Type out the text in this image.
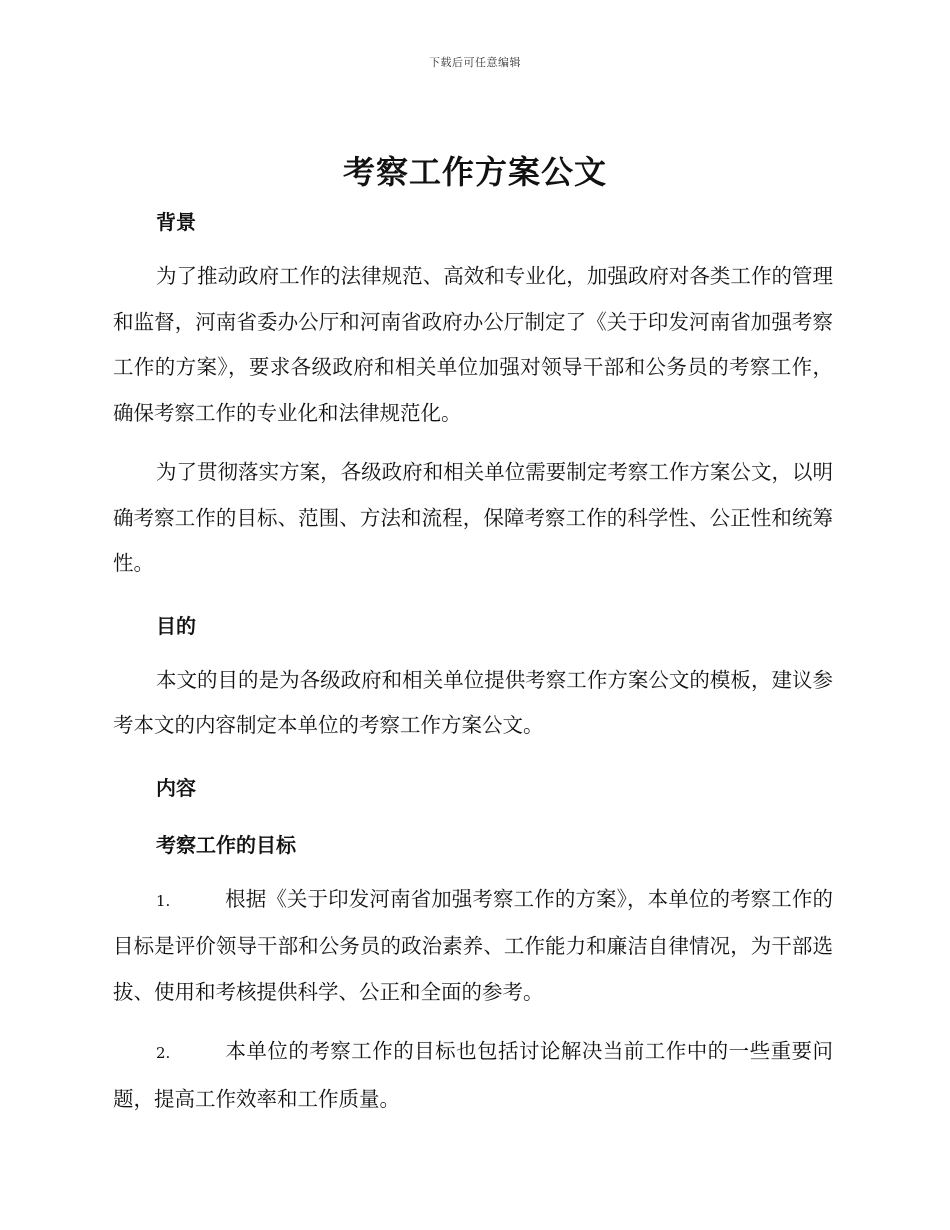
下载后可任意编辑
考察工作方案公文

背景

为了推动政府工作的法律规范、高效和专业化，加强政府对各类工作的管理和监督，河南省委办公厅和河南省政府办公厅制定了《关于印发河南省加强考察工作的方案》，要求各级政府和相关单位加强对领导干部和公务员的考察工作，确保考察工作的专业化和法律规范化。

为了贯彻落实方案，各级政府和相关单位需要制定考察工作方案公文，以明确考察工作的目标、范围、方法和流程，保障考察工作的科学性、公正性和统筹性。

目的

本文的目的是为各级政府和相关单位提供考察工作方案公文的模板，建议参考本文的内容制定本单位的考察工作方案公文。

内容

考察工作的目标

1.	根据《关于印发河南省加强考察工作的方案》，本单位的考察工作的目标是评价领导干部和公务员的政治素养、工作能力和廉洁自律情况，为干部选拔、使用和考核提供科学、公正和全面的参考。

2.	本单位的考察工作的目标也包括讨论解决当前工作中的一些重要问题，提高工作效率和工作质量。
